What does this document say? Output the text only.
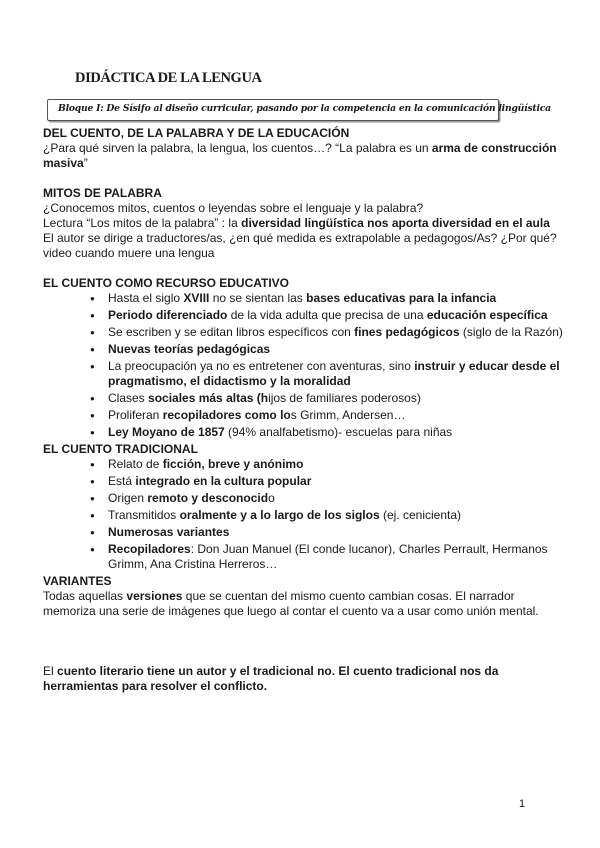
DIDÁCTICA DE LA LENGUA
Bloque I: De Sísifo al diseño curricular, pasando por la competencia en la comunicación lingüística

DEL CUENTO, DE LA PALABRA Y DE LA EDUCACIÓN

¿Para qué sirven la palabra, la lengua, los cuentos…? “La palabra es un arma de construcción masiva”

MITOS DE PALABRA

¿Conocemos mitos, cuentos o leyendas sobre el lenguaje y la palabra?

Lectura “Los mitos de la palabra” : la diversidad lingüística nos aporta diversidad en el aula

El autor se dirige a traductores/as, ¿en qué medida es extrapolable a pedagogos/As? ¿Por qué?

video cuando muere una lengua

EL CUENTO COMO RECURSO EDUCATIVO

● Hasta el siglo XVIII no se sientan las bases educativas para la infancia
● Periodo diferenciado de la vida adulta que precisa de una educación específica
● Se escriben y se editan libros específicos con fines pedagógicos (siglo de la Razón)
● Nuevas teorías pedagógicas
● La preocupación ya no es entretener con aventuras, sino instruir y educar desde el pragmatismo, el didactismo y la moralidad
● Clases sociales más altas (hijos de familiares poderosos)
● Proliferan recopiladores como los Grimm, Andersen…
● Ley Moyano de 1857 (94% analfabetismo)- escuelas para niñas

EL CUENTO TRADICIONAL

● Relato de ficción, breve y anónimo
● Está integrado en la cultura popular
● Origen remoto y desconocido
● Transmitidos oralmente y a lo largo de los siglos (ej. cenicienta)
● Numerosas variantes
● Recopiladores: Don Juan Manuel (El conde lucanor), Charles Perrault, Hermanos Grimm, Ana Cristina Herreros…

VARIANTES

Todas aquellas versiones que se cuentan del mismo cuento cambian cosas. El narrador memoriza una serie de imágenes que luego al contar el cuento va a usar como unión mental.

El cuento literario tiene un autor y el tradicional no. El cuento tradicional nos da herramientas para resolver el conflicto.

1
